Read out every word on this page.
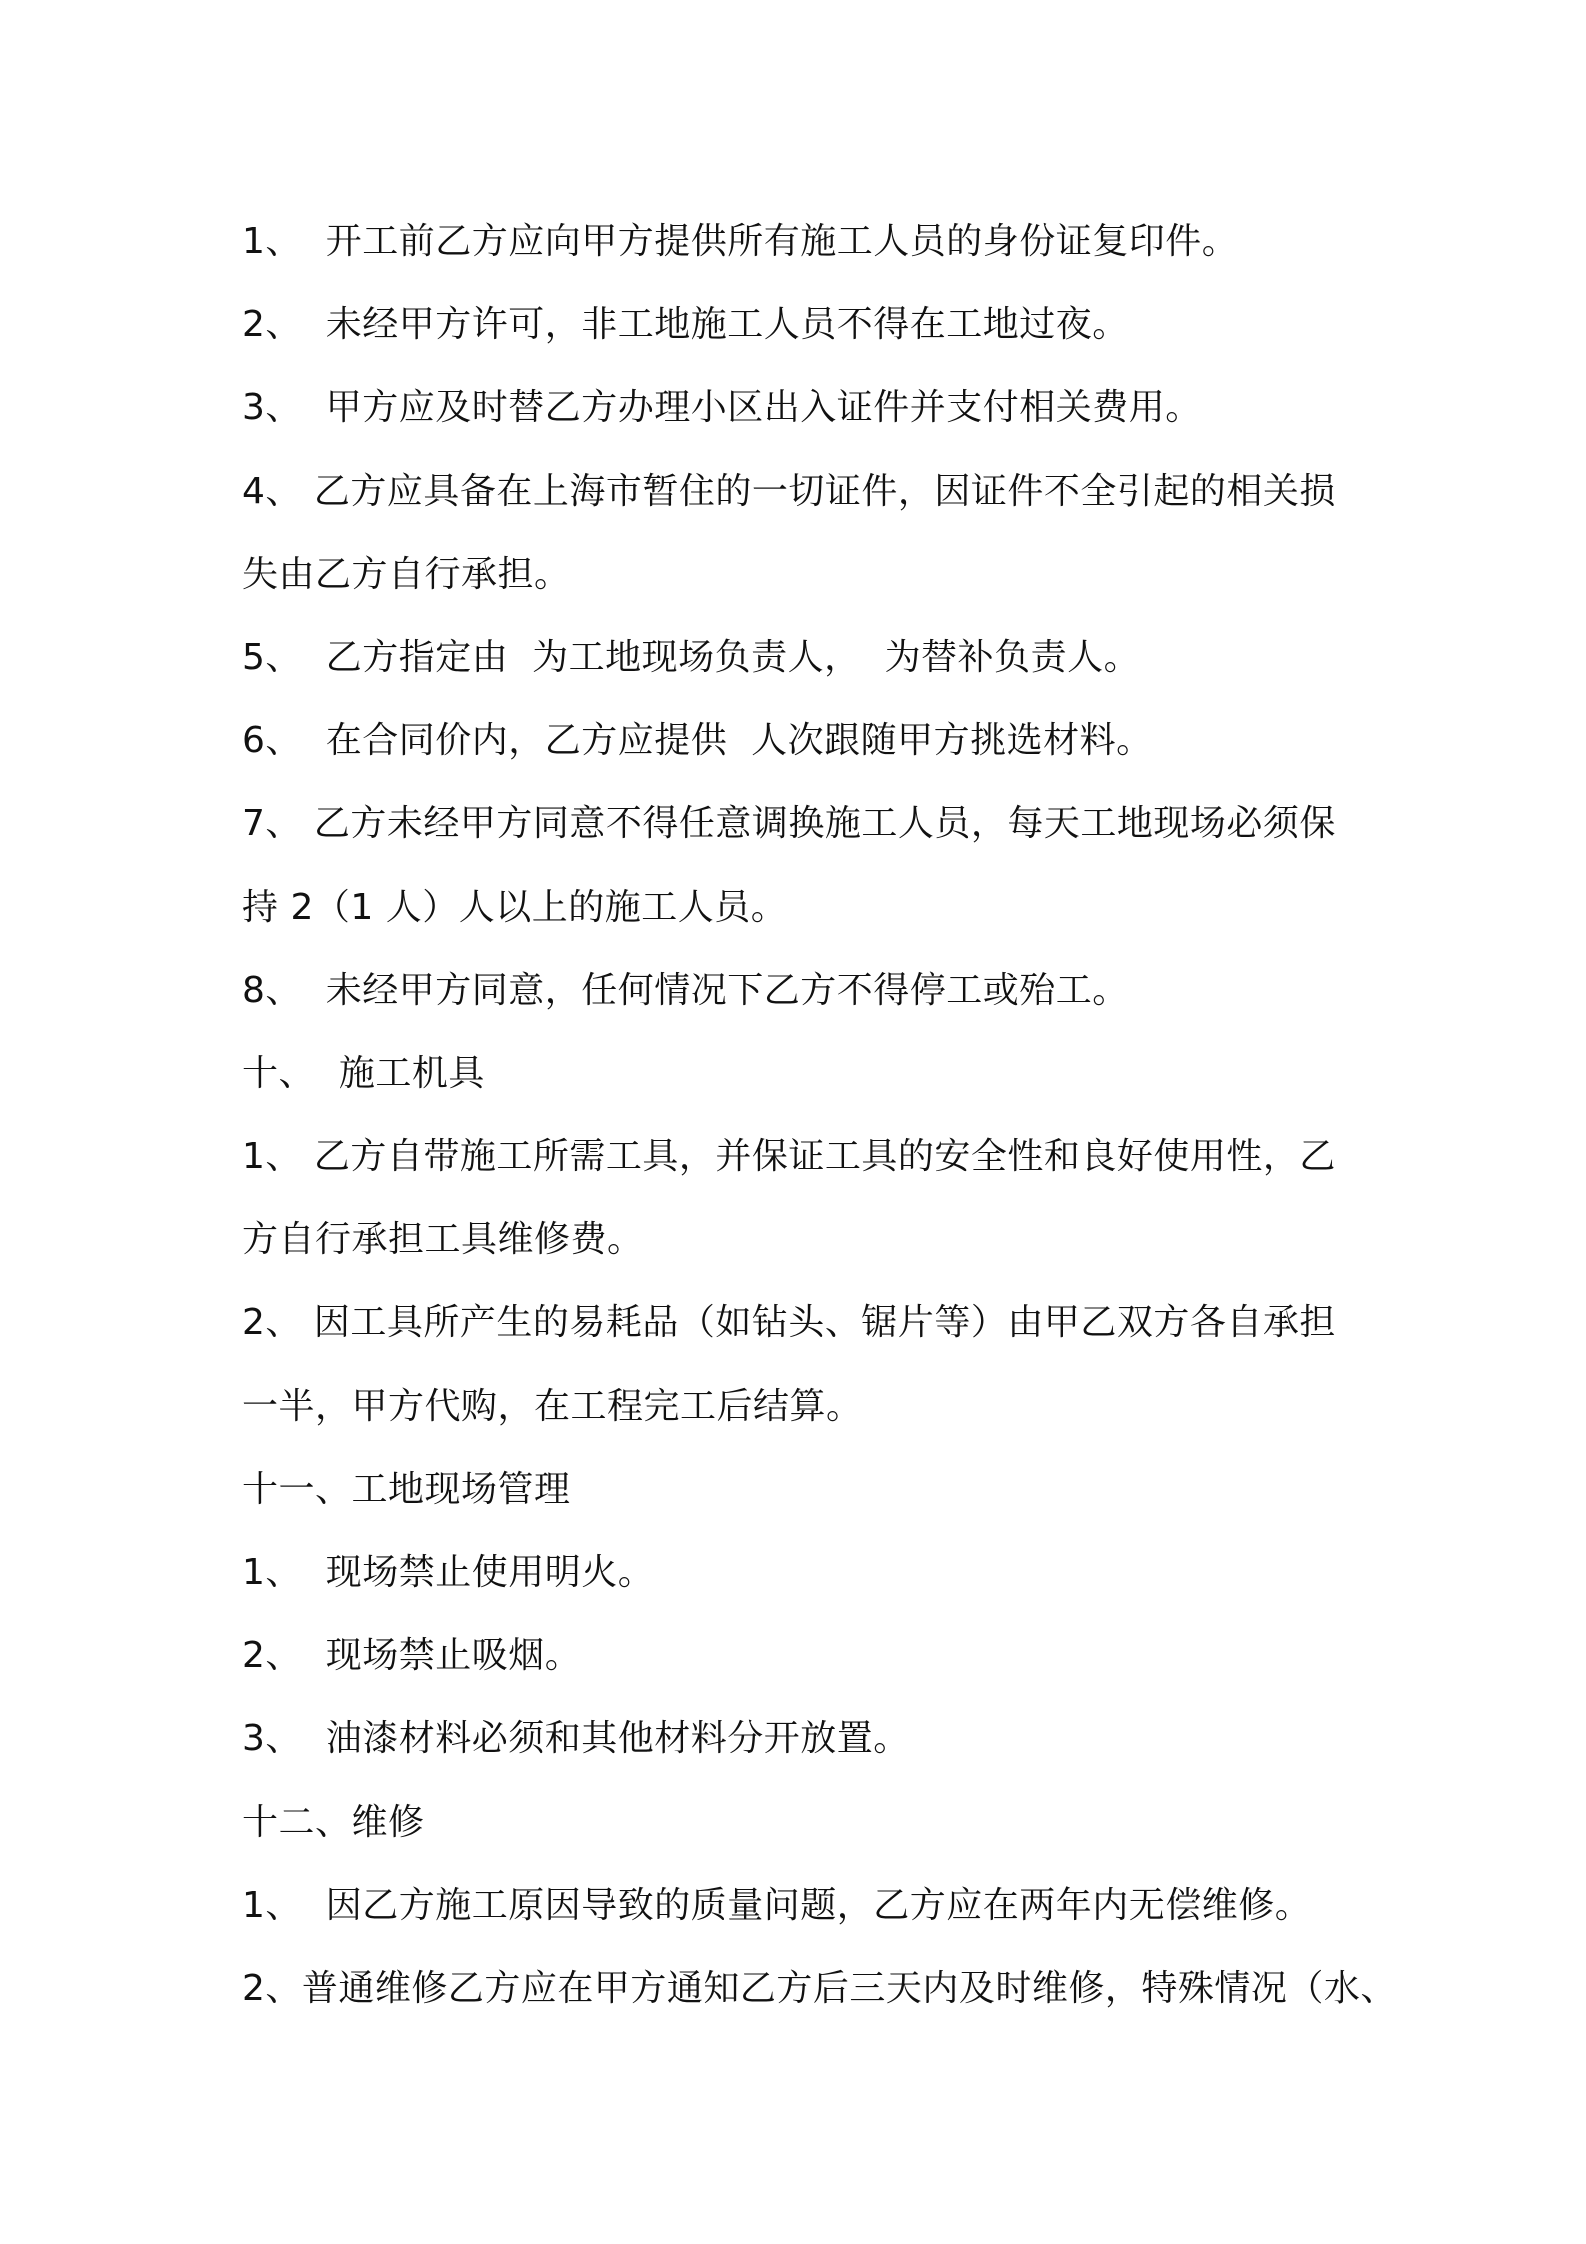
1、  开工前乙方应向甲方提供所有施工人员的身份证复印件。
2、  未经甲方许可，非工地施工人员不得在工地过夜。
3、  甲方应及时替乙方办理小区出入证件并支付相关费用。
4、 乙方应具备在上海市暂住的一切证件，因证件不全引起的相关损
失由乙方自行承担。
5、  乙方指定由  为工地现场负责人，  为替补负责人。
6、  在合同价内，乙方应提供  人次跟随甲方挑选材料。
7、 乙方未经甲方同意不得任意调换施工人员，每天工地现场必须保
持 2（1 人）人以上的施工人员。
8、  未经甲方同意，任何情况下乙方不得停工或殆工。
十、  施工机具
1、 乙方自带施工所需工具，并保证工具的安全性和良好使用性，乙
方自行承担工具维修费。
2、 因工具所产生的易耗品（如钻头、锯片等）由甲乙双方各自承担
一半，甲方代购，在工程完工后结算。
十一、工地现场管理
1、  现场禁止使用明火。
2、  现场禁止吸烟。
3、  油漆材料必须和其他材料分开放置。
十二、维修
1、  因乙方施工原因导致的质量问题，乙方应在两年内无偿维修。
2、普通维修乙方应在甲方通知乙方后三天内及时维修，特殊情况（水、
